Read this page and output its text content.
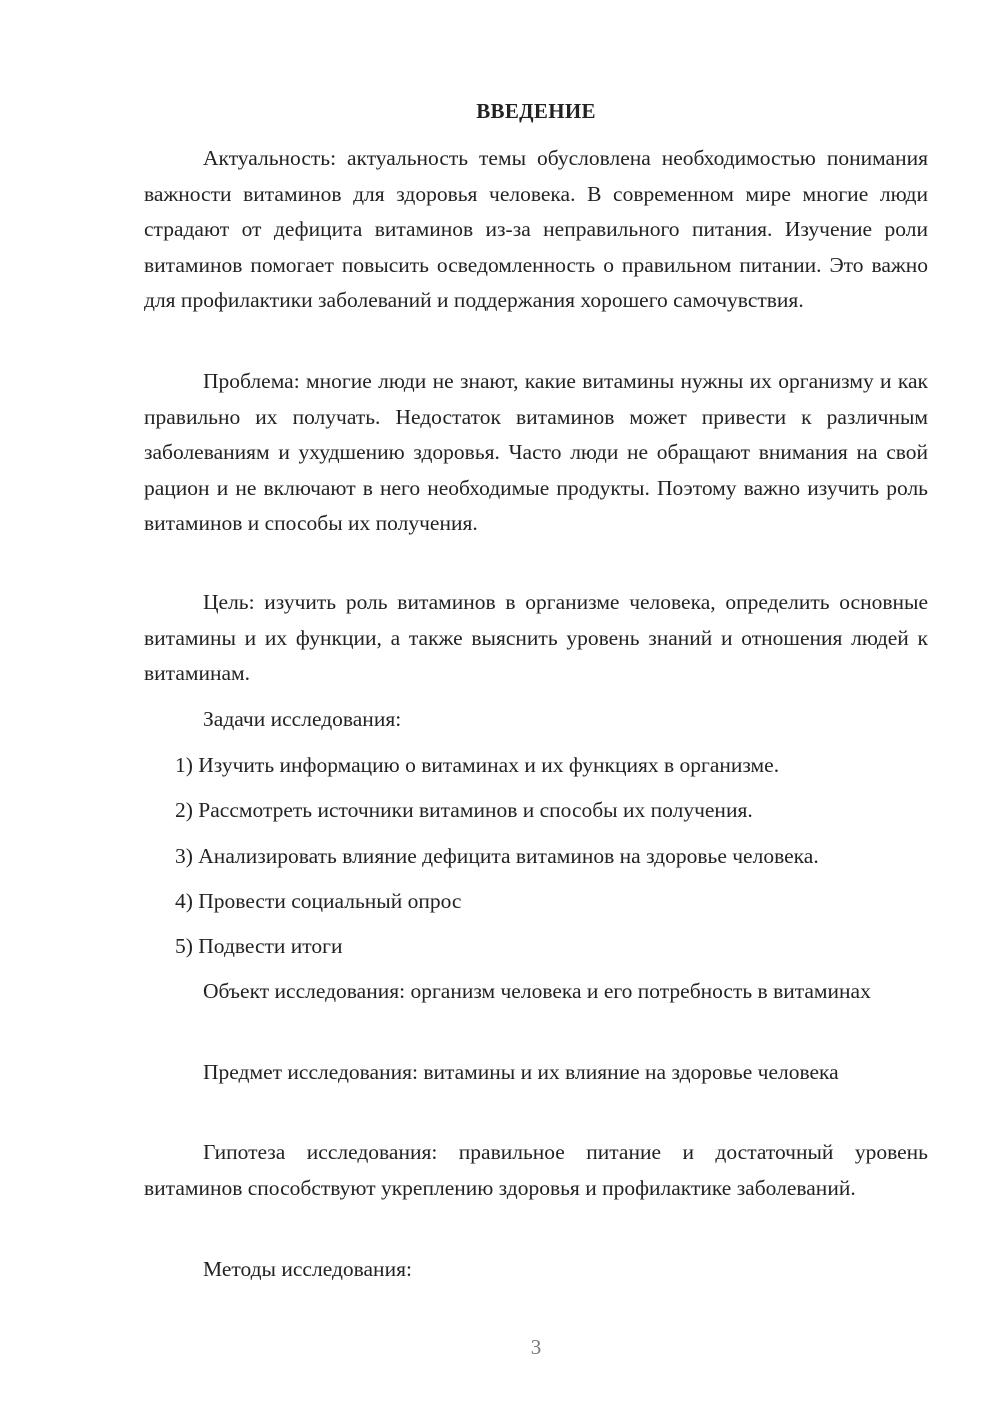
ВВЕДЕНИЕ

Актуальность: актуальность темы обусловлена необходимостью понимания важности витаминов для здоровья человека. В современном мире многие люди страдают от дефицита витаминов из-за неправильного питания. Изучение роли витаминов помогает повысить осведомленность о правильном питании. Это важно для профилактики заболеваний и поддержания хорошего самочувствия.

Проблема: многие люди не знают, какие витамины нужны их организму и как правильно их получать. Недостаток витаминов может привести к различным заболеваниям и ухудшению здоровья. Часто люди не обращают внимания на свой рацион и не включают в него необходимые продукты. Поэтому важно изучить роль витаминов и способы их получения.

Цель: изучить роль витаминов в организме человека, определить основные витамины и их функции, а также выяснить уровень знаний и отношения людей к витаминам.

Задачи исследования:
1) Изучить информацию о витаминах и их функциях в организме.
2) Рассмотреть источники витаминов и способы их получения.
3) Анализировать влияние дефицита витаминов на здоровье человека.
4) Провести социальный опрос
5) Подвести итоги

Объект исследования: организм человека и его потребность в витаминах

Предмет исследования: витамины и их влияние на здоровье человека

Гипотеза исследования: правильное питание и достаточный уровень витаминов способствуют укреплению здоровья и профилактике заболеваний.

Методы исследования:
3
